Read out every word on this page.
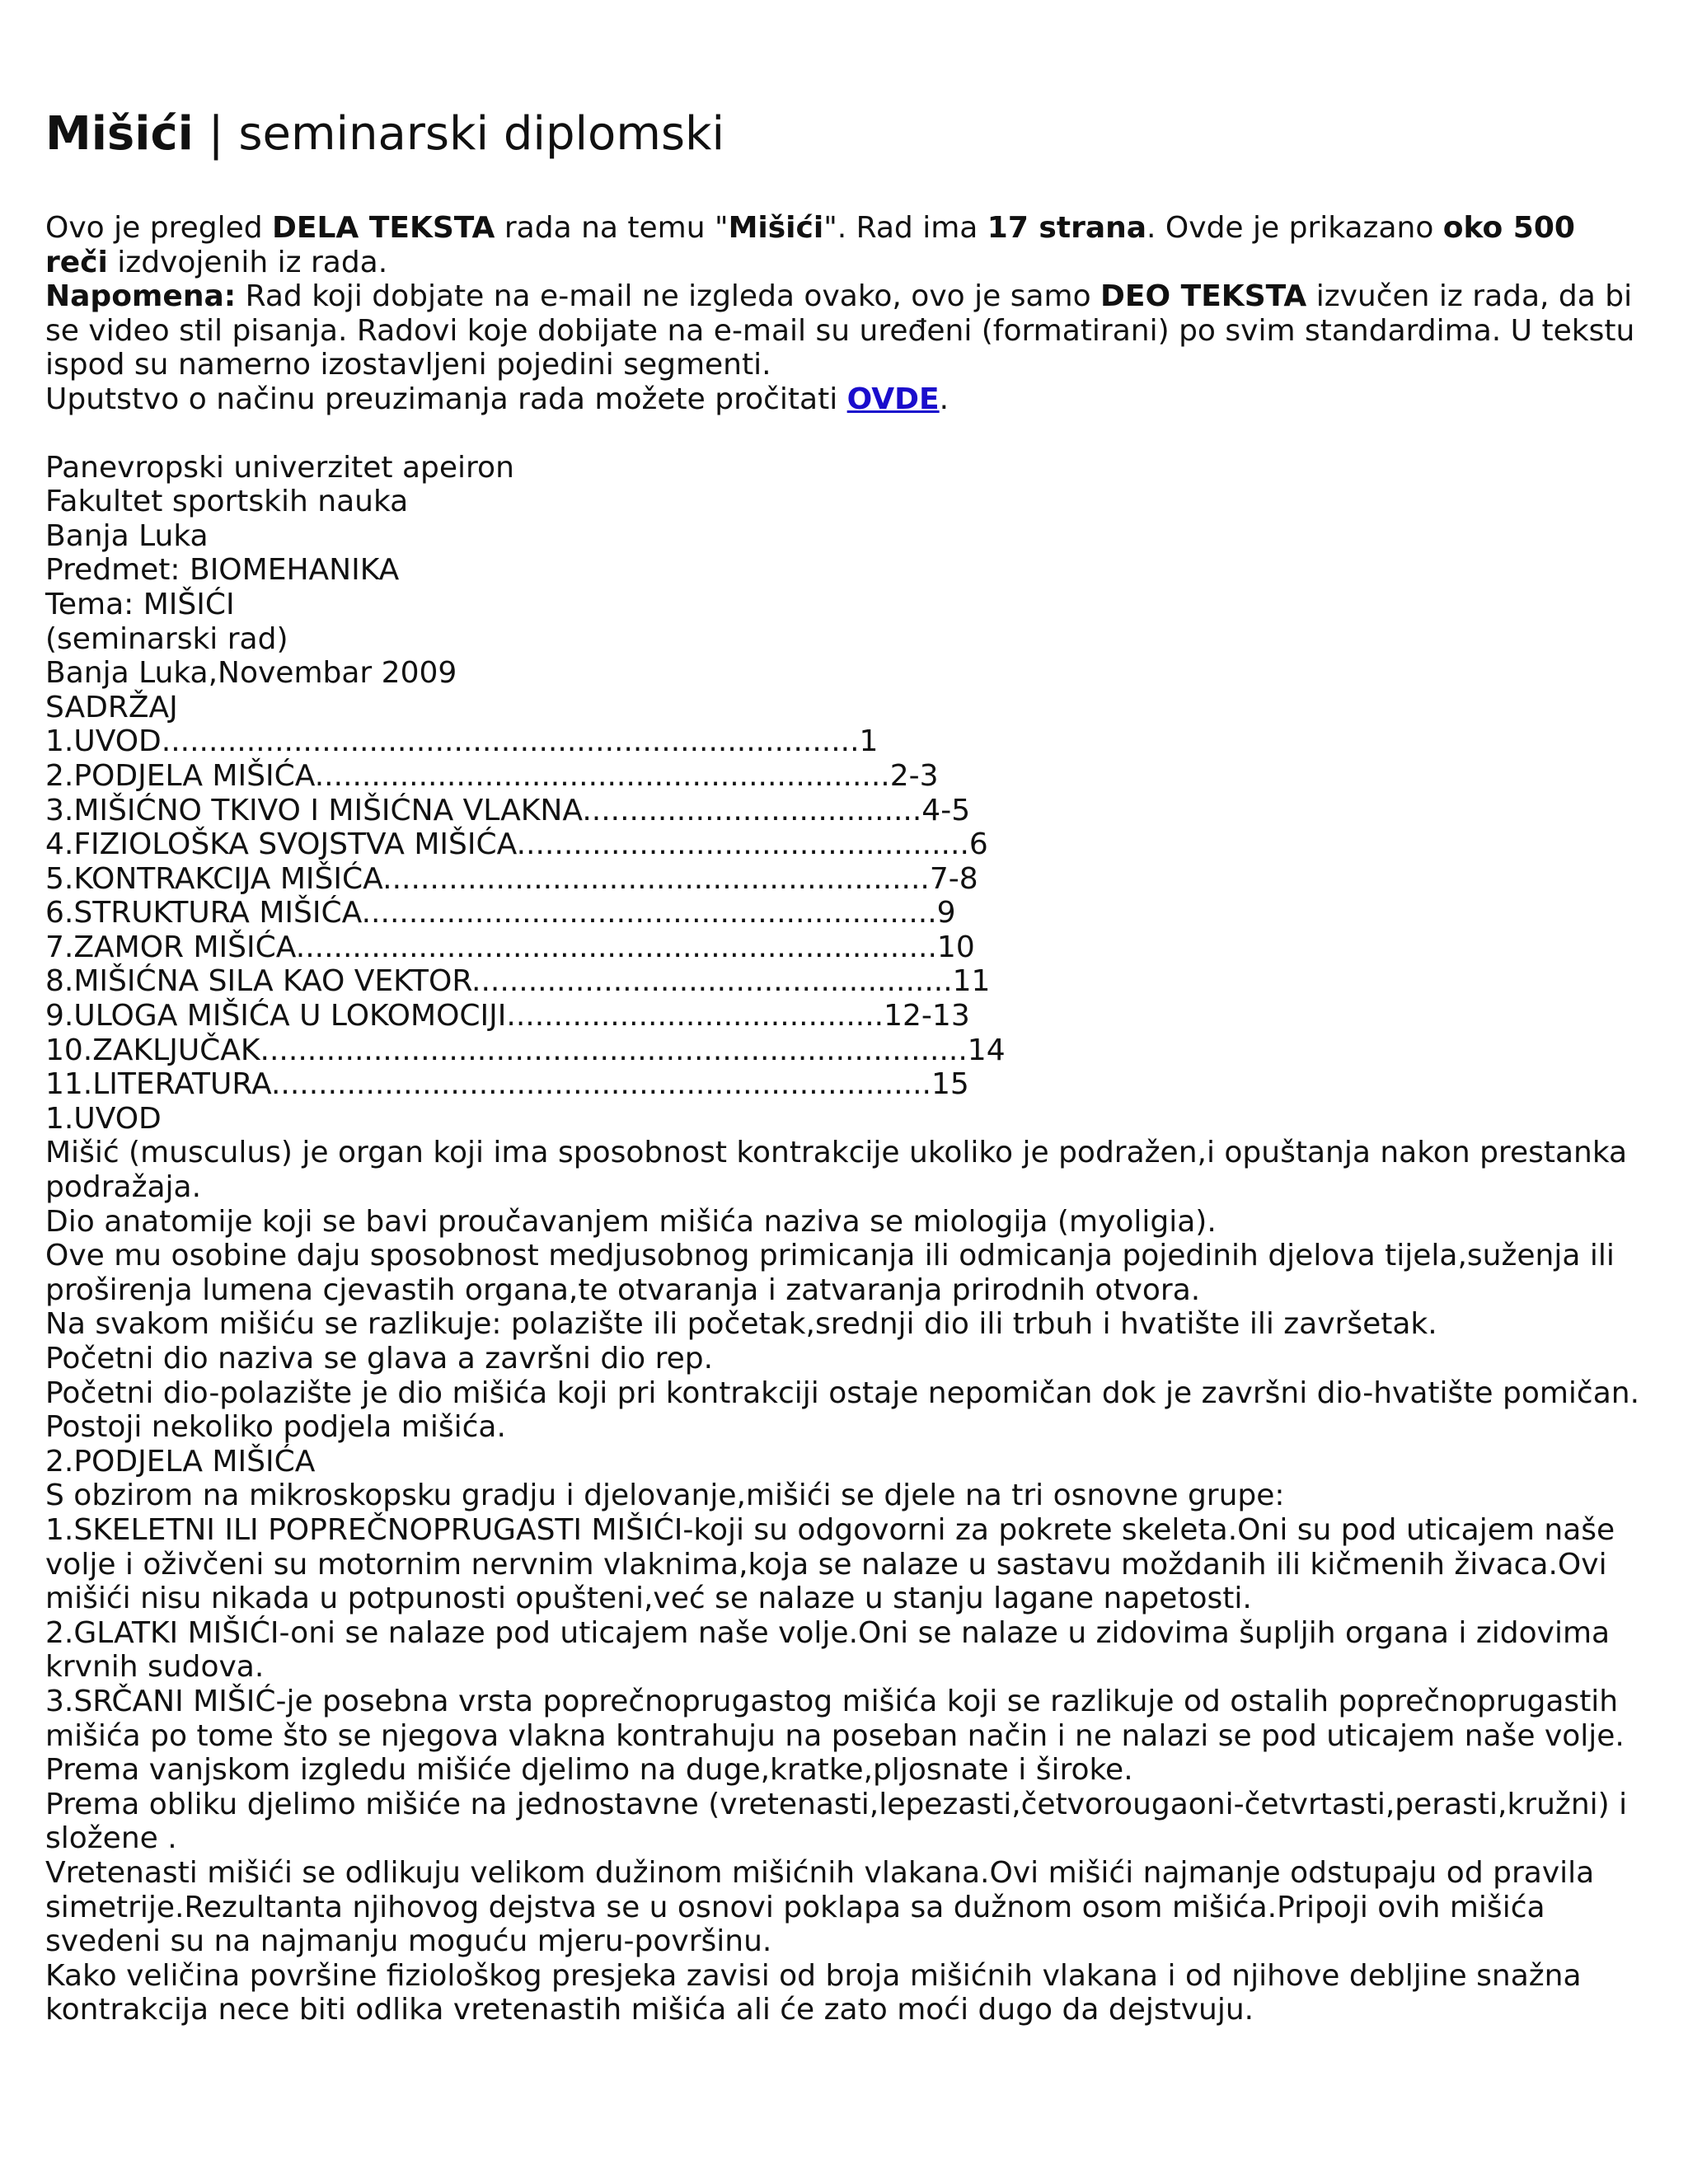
Mišići | seminarski diplomski

Ovo je pregled DELA TEKSTA rada na temu "Mišići". Rad ima 17 strana. Ovde je prikazano oko 500 reči izdvojenih iz rada.

Napomena: Rad koji dobjate na e-mail ne izgleda ovako, ovo je samo DEO TEKSTA izvučen iz rada, da bi se video stil pisanja. Radovi koje dobijate na e-mail su uređeni (formatirani) po svim standardima. U tekstu ispod su namerno izostavljeni pojedini segmenti.

Uputstvo o načinu preuzimanja rada možete pročitati OVDE.

Panevropski univerzitet apeiron
Fakultet sportskih nauka
Banja Luka
Predmet: BIOMEHANIKA
Tema: MIŠIĆI
(seminarski rad)
Banja Luka,Novembar 2009
SADRŽAJ
1.UVOD..........................................................................1
2.PODJELA MIŠIĆA.............................................................2-3
3.MIŠIĆNO TKIVO I MIŠIĆNA VLAKNA....................................4-5
4.FIZIOLOŠKA SVOJSTVA MIŠIĆA................................................6
5.KONTRAKCIJA MIŠIĆA..........................................................7-8
6.STRUKTURA MIŠIĆA.............................................................9
7.ZAMOR MIŠIĆA....................................................................10
8.MIŠIĆNA SILA KAO VEKTOR...................................................11
9.ULOGA MIŠIĆA U LOKOMOCIJI........................................12-13
10.ZAKLJUČAK...........................................................................14
11.LITERATURA......................................................................15

1.UVOD

Mišić (musculus) je organ koji ima sposobnost kontrakcije ukoliko je podražen,i opuštanja nakon prestanka podražaja.

Dio anatomije koji se bavi proučavanjem mišića naziva se miologija (myoligia).

Ove mu osobine daju sposobnost medjusobnog primicanja ili odmicanja pojedinih djelova tijela,suženja ili proširenja lumena cjevastih organa,te otvaranja i zatvaranja prirodnih otvora.

Na svakom mišiću se razlikuje: polazište ili početak,srednji dio ili trbuh i hvatište ili završetak.

Početni dio naziva se glava a završni dio rep.

Početni dio-polazište je dio mišića koji pri kontrakciji ostaje nepomičan dok je završni dio-hvatište pomičan.

Postoji nekoliko podjela mišića.

2.PODJELA MIŠIĆA

S obzirom na mikroskopsku gradju i djelovanje,mišići se djele na tri osnovne grupe:

1.SKELETNI ILI POPREČNOPRUGASTI MIŠIĆI-koji su odgovorni za pokrete skeleta.Oni su pod uticajem naše volje i oživčeni su motornim nervnim vlaknima,koja se nalaze u sastavu moždanih ili kičmenih živaca.Ovi mišići nisu nikada u potpunosti opušteni,već se nalaze u stanju lagane napetosti.

2.GLATKI MIŠIĆI-oni se nalaze pod uticajem naše volje.Oni se nalaze u zidovima šupljih organa i zidovima krvnih sudova.

3.SRČANI MIŠIĆ-je posebna vrsta poprečnoprugastog mišića koji se razlikuje od ostalih poprečnoprugastih mišića po tome što se njegova vlakna kontrahuju na poseban način i ne nalazi se pod uticajem naše volje.

Prema vanjskom izgledu mišiće djelimo na duge,kratke,pljosnate i široke.

Prema obliku djelimo mišiće na jednostavne (vretenasti,lepezasti,četvorougaoni-četvrtasti,perasti,kružni) i složene .

Vretenasti mišići se odlikuju velikom dužinom mišićnih vlakana.Ovi mišići najmanje odstupaju od pravila simetrije.Rezultanta njihovog dejstva se u osnovi poklapa sa dužnom osom mišića.Pripoji ovih mišića svedeni su na najmanju moguću mjeru-površinu.

Kako veličina površine fiziološkog presjeka zavisi od broja mišićnih vlakana i od njihove debljine snažna kontrakcija nece biti odlika vretenastih mišića ali će zato moći dugo da dejstvuju.
